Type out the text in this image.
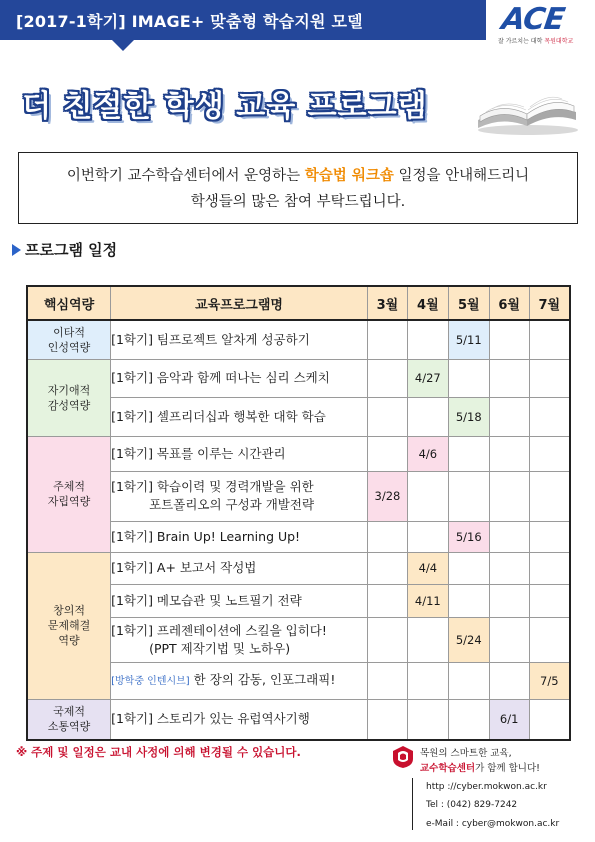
[2017-1학기] IMAGE+ 맞춤형 학습지원 모델	ACE
잘 가르치는 대학 목원대학교
더 친절한 학생 교육 프로그램
이번학기 교수학습센터에서 운영하는 학습법 워크숍 일정을 안내해드리니
학생들의 많은 참여 부탁드립니다.
프로그램 일정
핵심역량	교육프로그램명	3월	4월	5월	6월	7월
이타적
인성역량	[1학기] 팀프로젝트 알차게 성공하기			5/11		
자기애적
감성역량	[1학기] 음악과 함께 떠나는 심리 스케치		4/27			
	[1학기] 셀프리더십과 행복한 대학 학습			5/18		
주체적
자립역량	[1학기] 목표를 이루는 시간관리		4/6			
	[1학기] 학습이력 및 경력개발을 위한
포트폴리오의 구성과 개발전략	3/28				
	[1학기] Brain Up! Learning Up!			5/16		
창의적
문제해결
역량	[1학기] A+ 보고서 작성법		4/4			
	[1학기] 메모습관 및 노트필기 전략		4/11			
	[1학기] 프레젠테이션에 스킬을 입히다!
(PPT 제작기법 및 노하우)			5/24		
	[방학중 인텐시브] 한 장의 감동, 인포그래픽!					7/5
국제적
소통역량	[1학기] 스토리가 있는 유럽역사기행				6/1	
※ 주제 및 일정은 교내 사정에 의해 변경될 수 있습니다.	목원의 스마트한 교육,
교수학습센터가 함께 합니다!
http ://cyber.mokwon.ac.kr
Tel : (042) 829-7242
e-Mail : cyber@mokwon.ac.kr
